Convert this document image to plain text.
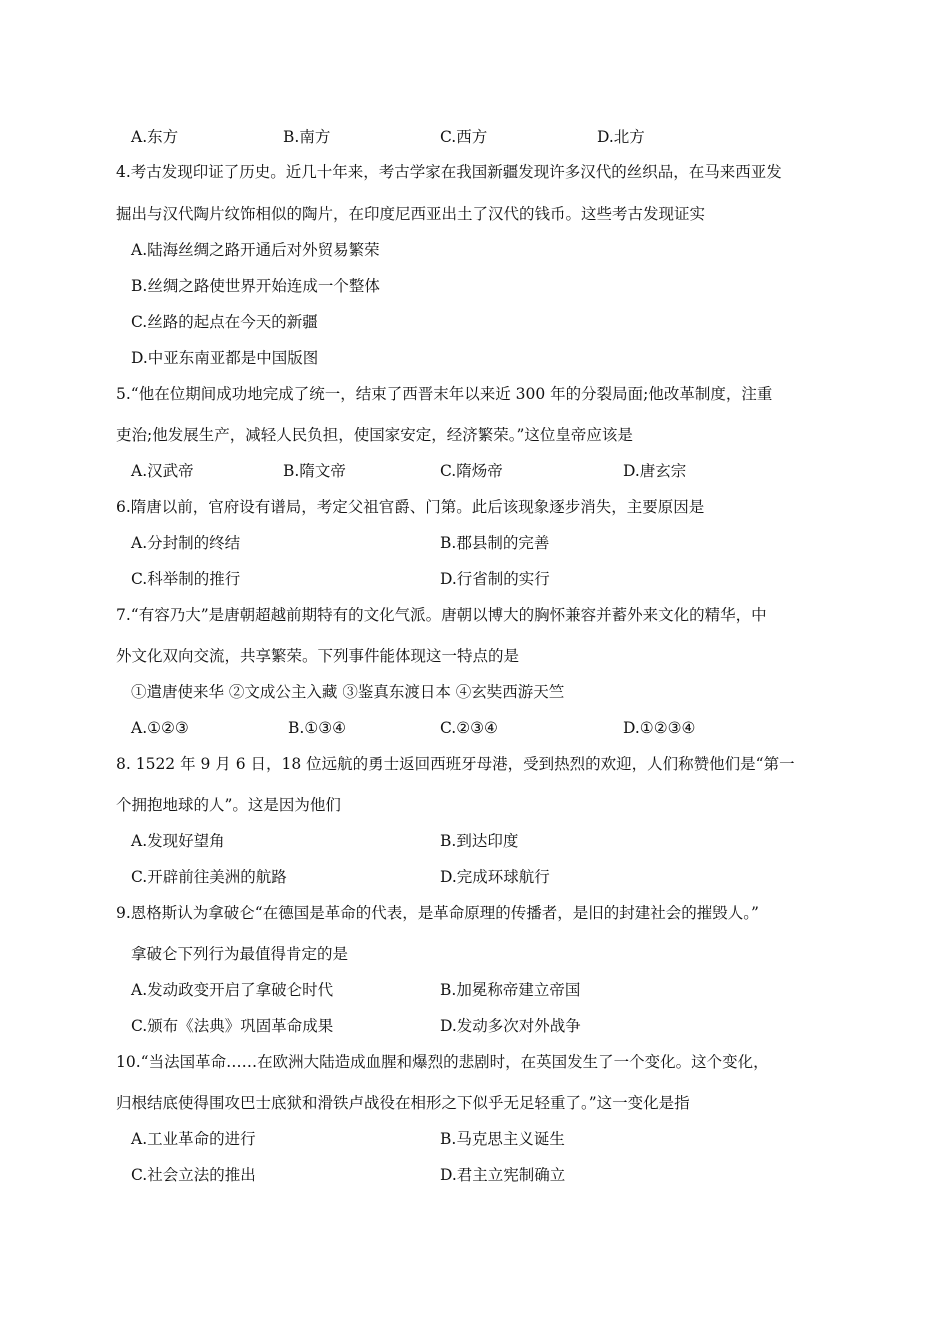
A.东方	B.南方	C.西方	D.北方
4.考古发现印证了历史。近几十年来，考古学家在我国新疆发现许多汉代的丝织品，在马来西亚发
掘出与汉代陶片纹饰相似的陶片，在印度尼西亚出土了汉代的钱币。这些考古发现证实
A.陆海丝绸之路开通后对外贸易繁荣
B.丝绸之路使世界开始连成一个整体
C.丝路的起点在今天的新疆
D.中亚东南亚都是中国版图
5.“他在位期间成功地完成了统一，结束了西晋末年以来近 300 年的分裂局面;他改革制度，注重
吏治;他发展生产，减轻人民负担，使国家安定，经济繁荣。”这位皇帝应该是
A.汉武帝	B.隋文帝	C.隋炀帝	D.唐玄宗
6.隋唐以前，官府设有谱局，考定父祖官爵、门第。此后该现象逐步消失，主要原因是
A.分封制的终结	B.郡县制的完善
C.科举制的推行	D.行省制的实行
7.“有容乃大”是唐朝超越前期特有的文化气派。唐朝以博大的胸怀兼容并蓄外来文化的精华，中
外文化双向交流，共享繁荣。下列事件能体现这一特点的是
①遣唐使来华 ②文成公主入藏 ③鉴真东渡日本 ④玄奘西游天竺
A.①②③	B.①③④	C.②③④	D.①②③④
8. 1522 年 9 月 6 日，18 位远航的勇士返回西班牙母港，受到热烈的欢迎，人们称赞他们是“第一
个拥抱地球的人”。这是因为他们
A.发现好望角	B.到达印度
C.开辟前往美洲的航路	D.完成环球航行
9.恩格斯认为拿破仑“在德国是革命的代表，是革命原理的传播者，是旧的封建社会的摧毁人。”
拿破仑下列行为最值得肯定的是
A.发动政变开启了拿破仑时代	B.加冕称帝建立帝国
C.颁布《法典》巩固革命成果	D.发动多次对外战争
10.“当法国革命……在欧洲大陆造成血腥和爆烈的悲剧时，在英国发生了一个变化。这个变化，
归根结底使得围攻巴士底狱和滑铁卢战役在相形之下似乎无足轻重了。”这一变化是指
A.工业革命的进行	B.马克思主义诞生
C.社会立法的推出	D.君主立宪制确立
